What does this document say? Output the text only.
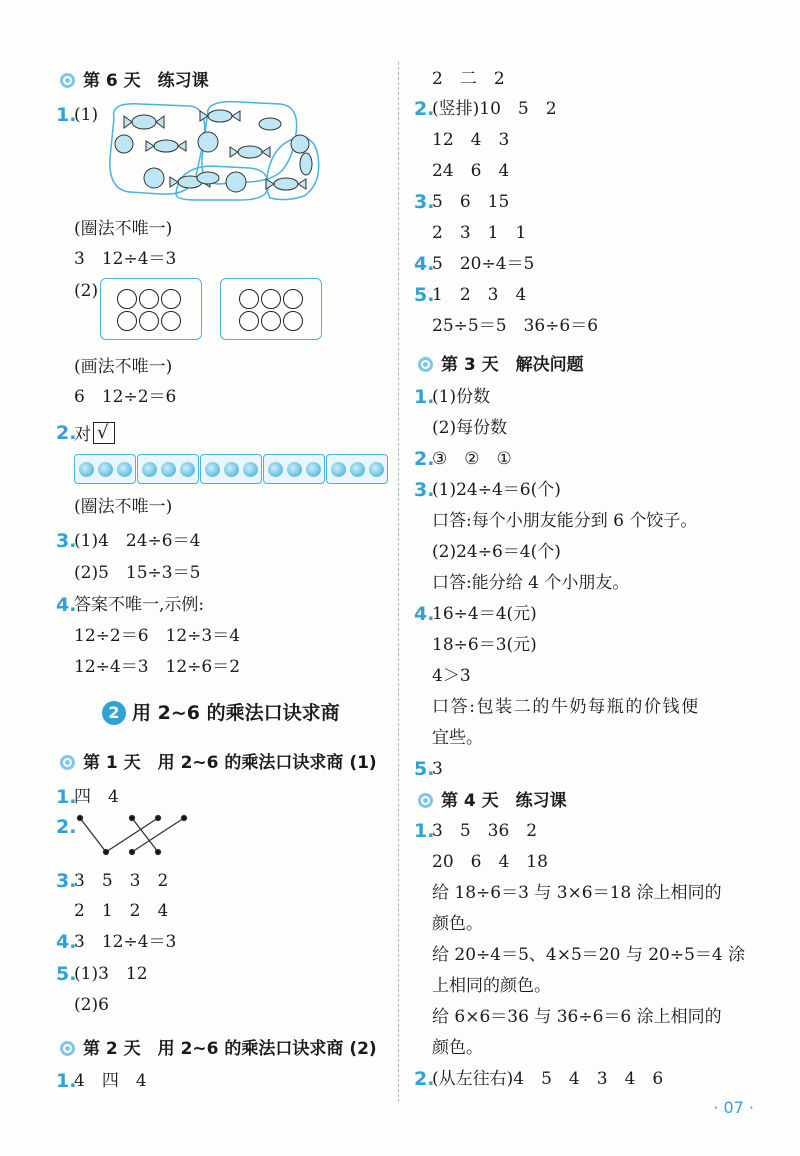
第 6 天　练习课
1.
(1)
(圈法不唯一)
3　12÷4＝3
(2)
(画法不唯一)
6　12÷2＝6
2.
对 √
(圈法不唯一)
3.
(1)4　24÷6＝4
(2)5　15÷3＝5
4.
答案不唯一,示例:
12÷2＝6　12÷3＝4
12÷4＝3　12÷6＝2
2 用 2~6 的乘法口诀求商
第 1 天　用 2~6 的乘法口诀求商 (1)
1.
四　4
2.
3.
3　5　3　2
2　1　2　4
4.
3　12÷4＝3
5.
(1)3　12
(2)6
第 2 天　用 2~6 的乘法口诀求商 (2)
1.
4　四　4
2　二　2
2.
(竖排)10　5　2
12　4　3
24　6　4
3.
5　6　15
2　3　1　1
4.
5　20÷4＝5
5.
1　2　3　4
25÷5＝5　36÷6＝6
第 3 天　解决问题
1.
(1)份数
(2)每份数
2.
③　②　①
3.
(1)24÷4＝6(个)
口答:每个小朋友能分到 6 个饺子。
(2)24÷6＝4(个)
口答:能分给 4 个小朋友。
4.
16÷4＝4(元)
18÷6＝3(元)
4＞3
口答:包装二的牛奶每瓶的价钱便
宜些。
5.
3
第 4 天　练习课
1.
3　5　36　2
20　6　4　18
给 18÷6＝3 与 3×6＝18 涂上相同的
颜色。
给 20÷4＝5、4×5＝20 与 20÷5＝4 涂
上相同的颜色。
给 6×6＝36 与 36÷6＝6 涂上相同的
颜色。
2.
(从左往右)4　5　4　3　4　6
· 07 ·
